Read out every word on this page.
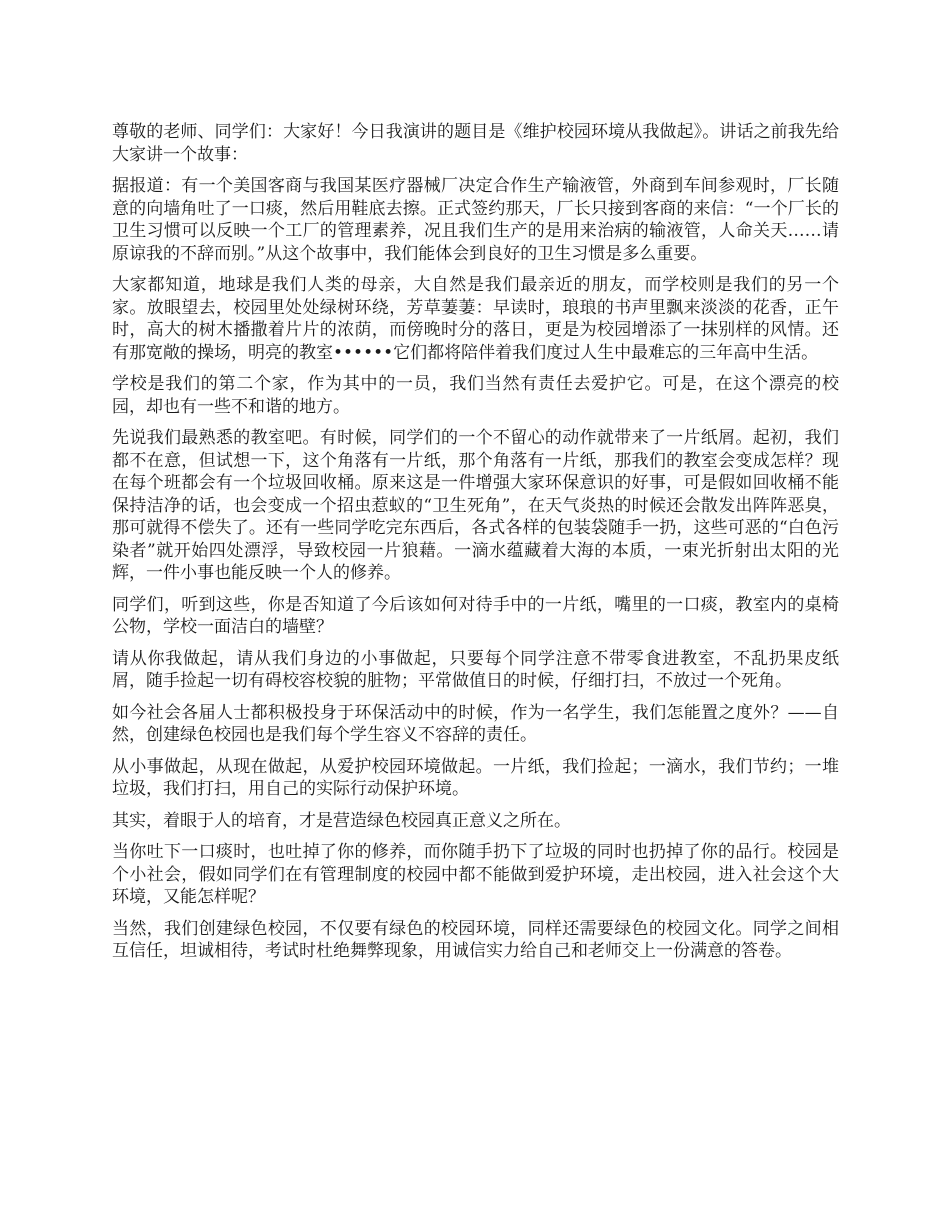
尊敬的老师、同学们：大家好！今日我演讲的题目是《维护校园环境从我做起》。讲话之前我先给大家讲一个故事：

据报道：有一个美国客商与我国某医疗器械厂决定合作生产输液管，外商到车间参观时，厂长随意的向墙角吐了一口痰，然后用鞋底去擦。正式签约那天，厂长只接到客商的来信：“一个厂长的卫生习惯可以反映一个工厂的管理素养，况且我们生产的是用来治病的输液管，人命关天……请原谅我的不辞而别。”从这个故事中，我们能体会到良好的卫生习惯是多么重要。

大家都知道，地球是我们人类的母亲，大自然是我们最亲近的朋友，而学校则是我们的另一个家。放眼望去，校园里处处绿树环绕，芳草萋萋：早读时，琅琅的书声里飘来淡淡的花香，正午时，高大的树木播撒着片片的浓荫，而傍晚时分的落日，更是为校园增添了一抹别样的风情。还有那宽敞的操场，明亮的教室••••••它们都将陪伴着我们度过人生中最难忘的三年高中生活。

学校是我们的第二个家，作为其中的一员，我们当然有责任去爱护它。可是，在这个漂亮的校园，却也有一些不和谐的地方。

先说我们最熟悉的教室吧。有时候，同学们的一个不留心的动作就带来了一片纸屑。起初，我们都不在意，但试想一下，这个角落有一片纸，那个角落有一片纸，那我们的教室会变成怎样？现在每个班都会有一个垃圾回收桶。原来这是一件增强大家环保意识的好事，可是假如回收桶不能保持洁净的话，也会变成一个招虫惹蚁的“卫生死角”，在天气炎热的时候还会散发出阵阵恶臭，那可就得不偿失了。还有一些同学吃完东西后，各式各样的包装袋随手一扔，这些可恶的“白色污染者”就开始四处漂浮，导致校园一片狼藉。一滴水蕴藏着大海的本质，一束光折射出太阳的光辉，一件小事也能反映一个人的修养。

同学们，听到这些，你是否知道了今后该如何对待手中的一片纸，嘴里的一口痰，教室内的桌椅公物，学校一面洁白的墙壁？

请从你我做起，请从我们身边的小事做起，只要每个同学注意不带零食进教室，不乱扔果皮纸屑，随手捡起一切有碍校容校貌的脏物；平常做值日的时候，仔细打扫，不放过一个死角。

如今社会各届人士都积极投身于环保活动中的时候，作为一名学生，我们怎能置之度外？——自然，创建绿色校园也是我们每个学生容义不容辞的责任。

从小事做起，从现在做起，从爱护校园环境做起。一片纸，我们捡起；一滴水，我们节约；一堆垃圾，我们打扫，用自己的实际行动保护环境。

其实，着眼于人的培育，才是营造绿色校园真正意义之所在。

当你吐下一口痰时，也吐掉了你的修养，而你随手扔下了垃圾的同时也扔掉了你的品行。校园是个小社会，假如同学们在有管理制度的校园中都不能做到爱护环境，走出校园，进入社会这个大环境，又能怎样呢？

当然，我们创建绿色校园，不仅要有绿色的校园环境，同样还需要绿色的校园文化。同学之间相互信任，坦诚相待，考试时杜绝舞弊现象，用诚信实力给自己和老师交上一份满意的答卷。
